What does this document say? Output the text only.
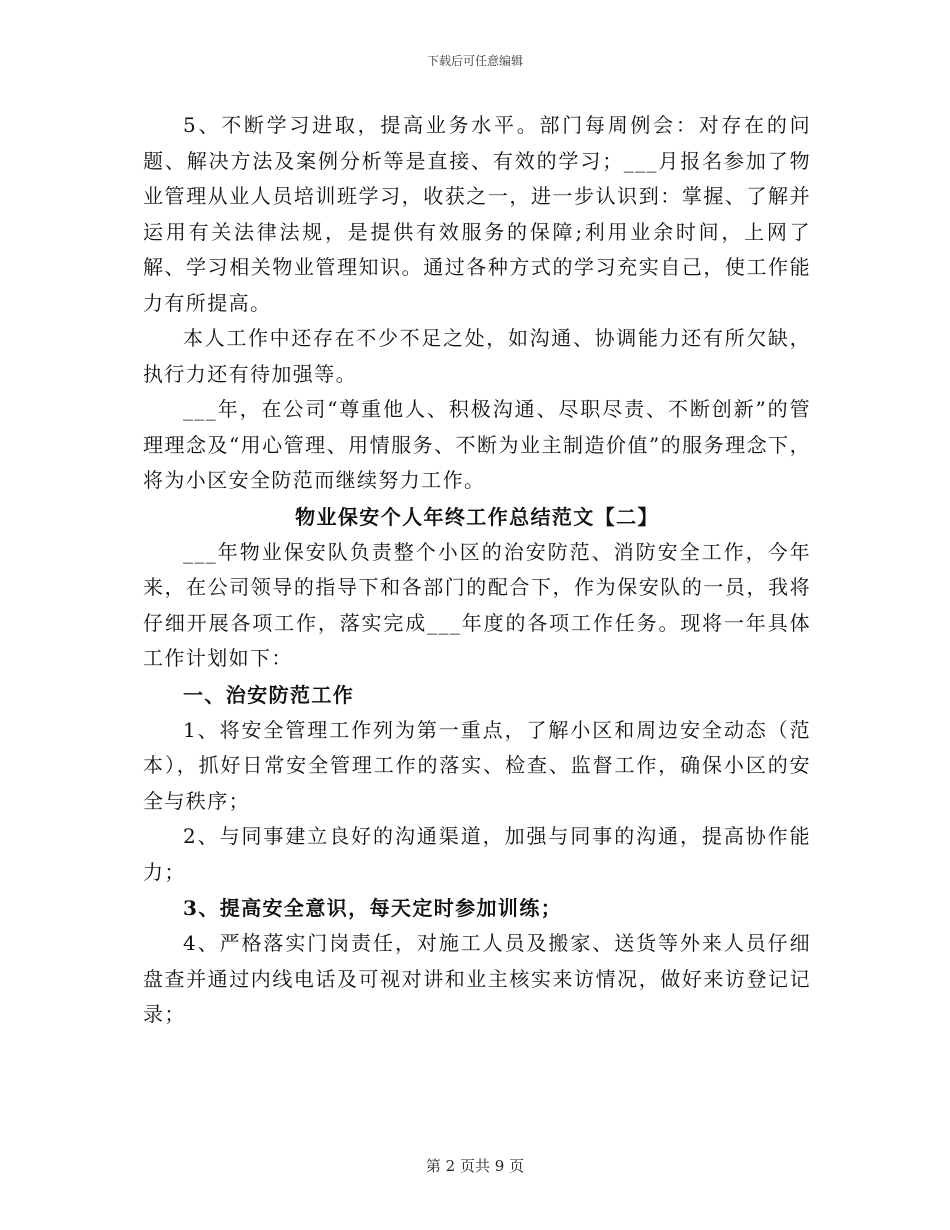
下载后可任意编辑

5、不断学习进取，提高业务水平。部门每周例会：对存在的问题、解决方法及案例分析等是直接、有效的学习；___月报名参加了物业管理从业人员培训班学习，收获之一，进一步认识到：掌握、了解并运用有关法律法规，是提供有效服务的保障;利用业余时间，上网了解、学习相关物业管理知识。通过各种方式的学习充实自己，使工作能力有所提高。

本人工作中还存在不少不足之处，如沟通、协调能力还有所欠缺，执行力还有待加强等。

___年，在公司“尊重他人、积极沟通、尽职尽责、不断创新”的管理理念及“用心管理、用情服务、不断为业主制造价值”的服务理念下，将为小区安全防范而继续努力工作。

物业保安个人年终工作总结范文【二】

___年物业保安队负责整个小区的治安防范、消防安全工作，今年来，在公司领导的指导下和各部门的配合下，作为保安队的一员，我将仔细开展各项工作，落实完成___年度的各项工作任务。现将一年具体工作计划如下：

一、治安防范工作

1、将安全管理工作列为第一重点，了解小区和周边安全动态（范本），抓好日常安全管理工作的落实、检查、监督工作，确保小区的安全与秩序；

2、与同事建立良好的沟通渠道，加强与同事的沟通，提高协作能力；

3、提高安全意识，每天定时参加训练；

4、严格落实门岗责任，对施工人员及搬家、送货等外来人员仔细盘查并通过内线电话及可视对讲和业主核实来访情况，做好来访登记记录；

第 2 页共 9 页
